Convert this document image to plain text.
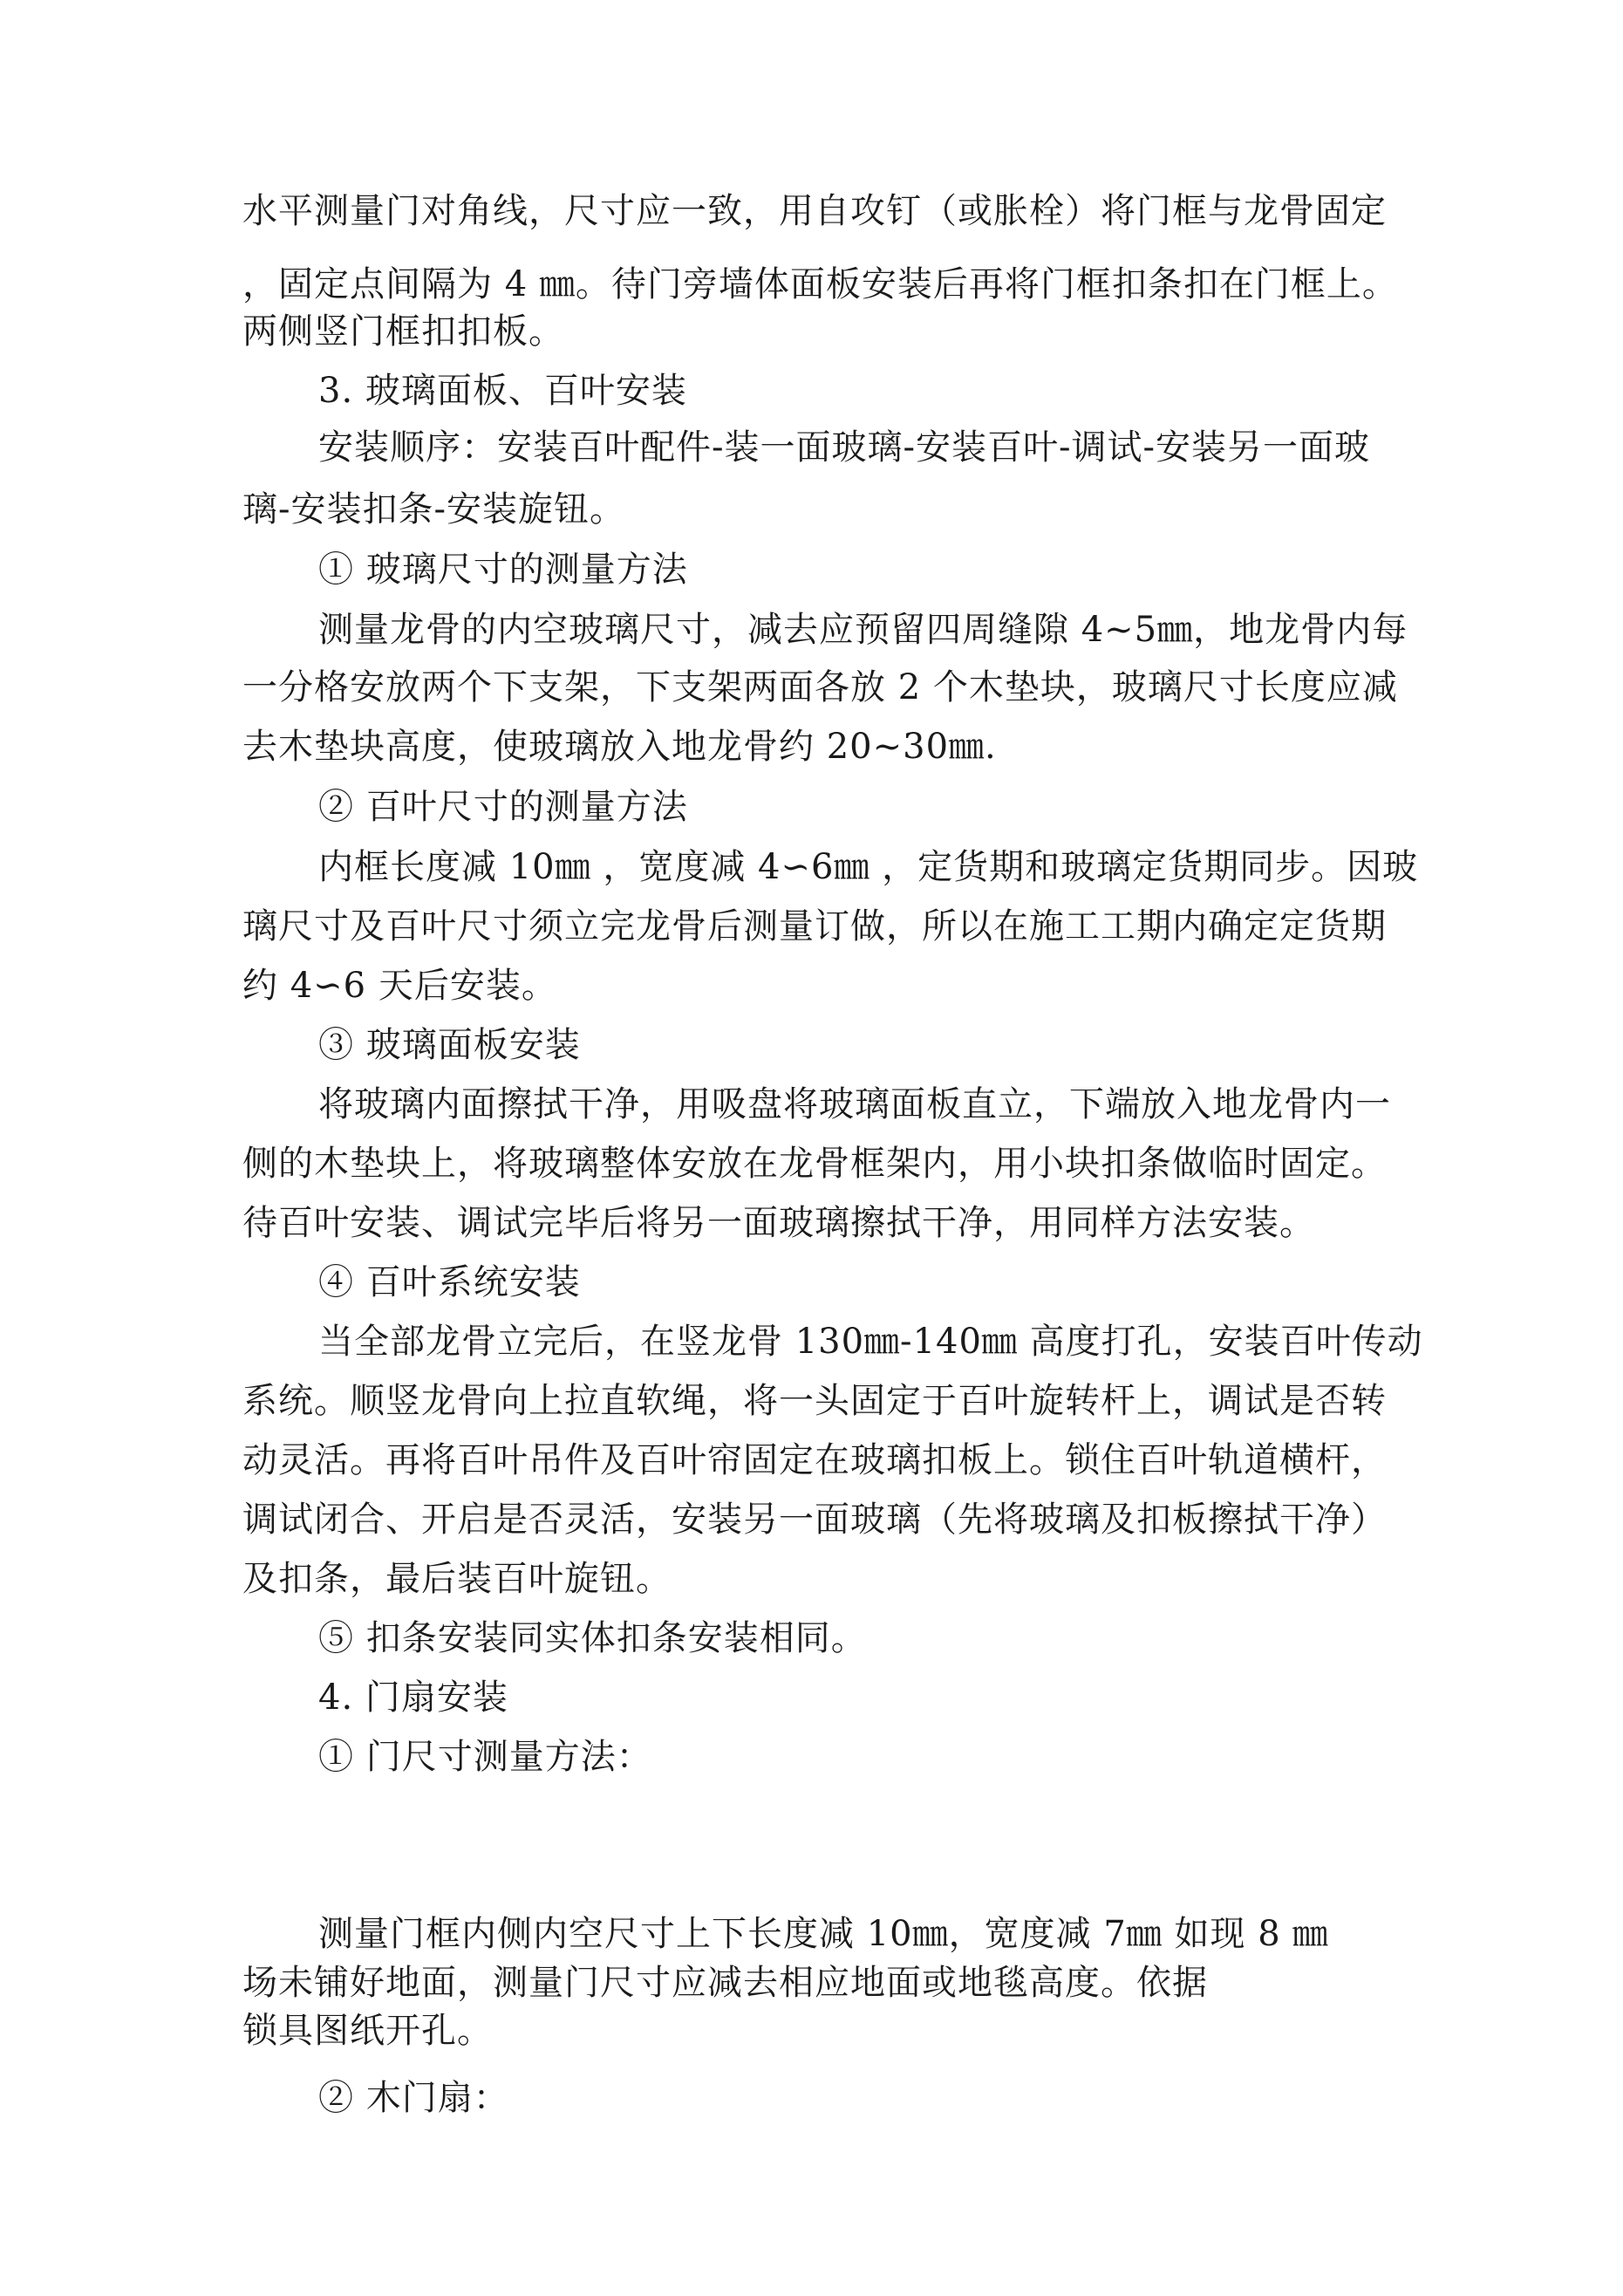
水平测量门对角线，尺寸应一致，用自攻钉（或胀栓）将门框与龙骨固定
，固定点间隔为 4 ㎜。待门旁墙体面板安装后再将门框扣条扣在门框上。
两侧竖门框扣扣板。
3. 玻璃面板、百叶安装
安装顺序：安装百叶配件-装一面玻璃-安装百叶-调试-安装另一面玻
璃-安装扣条-安装旋钮。
① 玻璃尺寸的测量方法
测量龙骨的内空玻璃尺寸，减去应预留四周缝隙 4~5㎜，地龙骨内每
一分格安放两个下支架，下支架两面各放 2 个木垫块，玻璃尺寸长度应减
去木垫块高度，使玻璃放入地龙骨约 20~30㎜.
② 百叶尺寸的测量方法
内框长度减 10㎜ ，宽度减 4∽6㎜ ，定货期和玻璃定货期同步。因玻
璃尺寸及百叶尺寸须立完龙骨后测量订做，所以在施工工期内确定定货期
约 4∽6 天后安装。
③ 玻璃面板安装
将玻璃内面擦拭干净，用吸盘将玻璃面板直立，下端放入地龙骨内一
侧的木垫块上，将玻璃整体安放在龙骨框架内，用小块扣条做临时固定。
待百叶安装、调试完毕后将另一面玻璃擦拭干净，用同样方法安装。
④ 百叶系统安装
当全部龙骨立完后，在竖龙骨 130㎜-140㎜ 高度打孔，安装百叶传动
系统。顺竖龙骨向上拉直软绳，将一头固定于百叶旋转杆上，调试是否转
动灵活。再将百叶吊件及百叶帘固定在玻璃扣板上。锁住百叶轨道横杆，
调试闭合、开启是否灵活，安装另一面玻璃（先将玻璃及扣板擦拭干净）
及扣条，最后装百叶旋钮。
⑤ 扣条安装同实体扣条安装相同。
4. 门扇安装
① 门尺寸测量方法：
测量门框内侧内空尺寸上下长度减 10㎜，宽度减 7㎜ 如现 8 ㎜
场未铺好地面，测量门尺寸应减去相应地面或地毯高度。依据
锁具图纸开孔。
② 木门扇：
